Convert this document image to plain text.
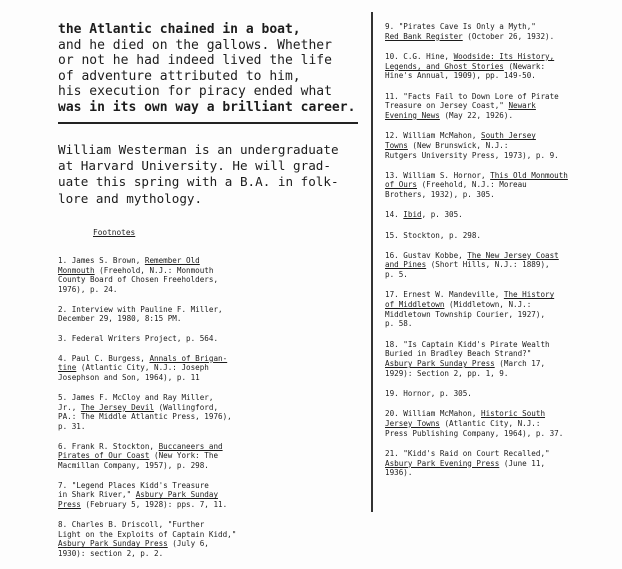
the Atlantic chained in a boat,
and he died on the gallows. Whether
or not he had indeed lived the life
of adventure attributed to him,
his execution for piracy ended what
was in its own way a brilliant career.
William Westerman is an undergraduate
at Harvard University. He will grad-
uate this spring with a B.A. in folk-
lore and mythology.
Footnotes
1. James S. Brown, Remember Old
Monmouth (Freehold, N.J.: Monmouth
County Board of Chosen Freeholders,
1976), p. 24.
2. Interview with Pauline F. Miller,
December 29, 1980, 8:15 PM.
3. Federal Writers Project, p. 564.
4. Paul C. Burgess, Annals of Brigan-
tine (Atlantic City, N.J.: Joseph
Josephson and Son, 1964), p. 11
5. James F. McCloy and Ray Miller,
Jr., The Jersey Devil (Wallingford,
PA.: The Middle Atlantic Press, 1976),
p. 31.
6. Frank R. Stockton, Buccaneers and
Pirates of Our Coast (New York: The
Macmillan Company, 1957), p. 298.
7. "Legend Places Kidd's Treasure
in Shark River," Asbury Park Sunday
Press (February 5, 1928): pps. 7, 11.
8. Charles B. Driscoll, "Further
Light on the Exploits of Captain Kidd,"
Asbury Park Sunday Press (July 6,
1930): section 2, p. 2.
9. "Pirates Cave Is Only a Myth,"
Red Bank Register (October 26, 1932).
10. C.G. Hine, Woodside: Its History,
Legends, and Ghost Stories (Newark:
Hine's Annual, 1909), pp. 149-50.
11. "Facts Fail to Down Lore of Pirate
Treasure on Jersey Coast," Newark
Evening News (May 22, 1926).
12. William McMahon, South Jersey
Towns (New Brunswick, N.J.:
Rutgers University Press, 1973), p. 9.
13. William S. Hornor, This Old Monmouth
of Ours (Freehold, N.J.: Moreau
Brothers, 1932), p. 305.
14. Ibid, p. 305.
15. Stockton, p. 298.
16. Gustav Kobbe, The New Jersey Coast
and Pines (Short Hills, N.J.: 1889),
p. 5.
17. Ernest W. Mandeville, The History
of Middletown (Middletown, N.J.:
Middletown Township Courier, 1927),
p. 58.
18. "Is Captain Kidd's Pirate Wealth
Buried in Bradley Beach Strand?"
Asbury Park Sunday Press (March 17,
1929): Section 2, pp. 1, 9.
19. Hornor, p. 305.
20. William McMahon, Historic South
Jersey Towns (Atlantic City, N.J.:
Press Publishing Company, 1964), p. 37.
21. "Kidd's Raid on Court Recalled,"
Asbury Park Evening Press (June 11,
1936).
